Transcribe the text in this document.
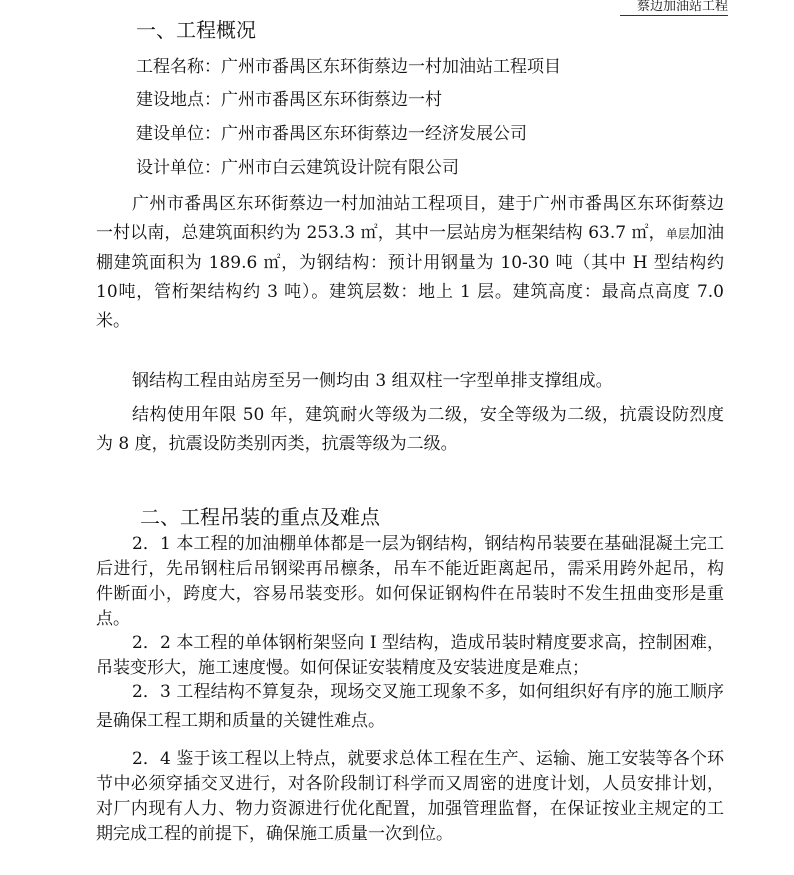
蔡边加油站工程
一、工程概况
工程名称：广州市番禺区东环街蔡边一村加油站工程项目
建设地点：广州市番禺区东环街蔡边一村
建设单位：广州市番禺区东环街蔡边一经济发展公司
设计单位：广州市白云建筑设计院有限公司
广州市番禺区东环街蔡边一村加油站工程项目，建于广州市番禺区东环街蔡边一村以南，总建筑面积约为 253.3 ㎡，其中一层站房为框架结构 63.7 ㎡，单层加油棚建筑面积为 189.6 ㎡，为钢结构：预计用钢量为 10-30 吨（其中 H 型结构约 10吨，管桁架结构约 3 吨）。建筑层数：地上 1 层。建筑高度：最高点高度 7.0 米。
钢结构工程由站房至另一侧均由 3 组双柱一字型单排支撑组成。
结构使用年限 50 年，建筑耐火等级为二级，安全等级为二级，抗震设防烈度为 8 度，抗震设防类别丙类，抗震等级为二级。
二、工程吊装的重点及难点
2．1 本工程的加油棚单体都是一层为钢结构，钢结构吊装要在基础混凝土完工后进行，先吊钢柱后吊钢梁再吊檩条，吊车不能近距离起吊，需采用跨外起吊，构件断面小，跨度大，容易吊装变形。如何保证钢构件在吊装时不发生扭曲变形是重点。
2．2 本工程的单体钢桁架竖向 I 型结构，造成吊装时精度要求高，控制困难，吊装变形大，施工速度慢。如何保证安装精度及安装进度是难点；
2．3 工程结构不算复杂，现场交叉施工现象不多，如何组织好有序的施工顺序是确保工程工期和质量的关键性难点。
2．4 鉴于该工程以上特点，就要求总体工程在生产、运输、施工安装等各个环节中必须穿插交叉进行，对各阶段制订科学而又周密的进度计划，人员安排计划，对厂内现有人力、物力资源进行优化配置，加强管理监督，在保证按业主规定的工期完成工程的前提下，确保施工质量一次到位。
